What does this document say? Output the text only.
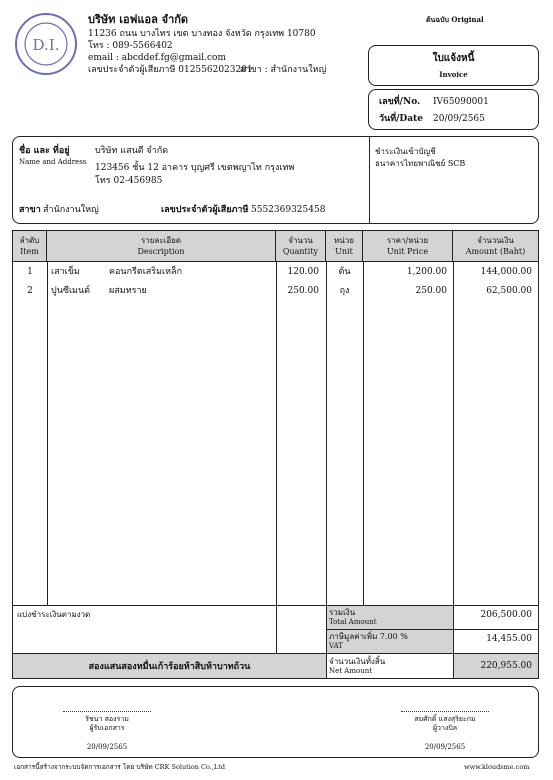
D.I.
บริษัท เอฟแอล จำกัด
11236 ถนน บางไทร เขต บางทอง จังหวัด กรุงเทพ 10780
โทร : 089-5566402
email : abcddef.fg@gmail.com
เลขประจำตัวผู้เสียภาษี 0125562023201
สาขา : สำนักงานใหญ่
ต้นฉบับ Original
ใบแจ้งหนี้
Invoice
เลขที่/No. IV65090001
วันที่/Date 20/09/2565
ชื่อ และ ที่อยู่
Name and Address
บริษัท แสนดี จำกัด
123456 ชั้น 12 อาคาร บุญศรี เขตพญาไท กรุงเทพ
โทร 02-456985
สาขา สำนักงานใหญ่	เลขประจำตัวผู้เสียภาษี 5552369325458
ชำระเงินเข้าบัญชี
ธนาคารไทยพาณิชย์ SCB
ลำดับ
Item
รายละเอียด
Description
จำนวน
Quantity
หน่วย
Unit
ราคา/หน่วย
Unit Price
จำนวนเงิน
Amount (Baht)
1	เสาเข็ม	คอนกรีตเสริมเหล็ก	120.00	ต้น	1,200.00	144,000.00
2	ปูนซีเมนต์ ผสมทราย	250.00	ถุง	250.00	62,500.00
แบ่งชำระเงินตามงวด	รวมเงิน
Total Amount
206,500.00
ภาษีมูลค่าเพิ่ม 7.00 %
VAT
14,455.00
สองแสนสองหมื่นเก้าร้อยห้าสิบห้าบาทถ้วน
จำนวนเงินทั้งสิ้น
Net Amount	220,955.00
รัชนา สองราม
ผู้รับเอกสาร
20/09/2565
สมศักดิ์ แสงสุริยะกม
ผู้วางบิล
20/09/2565
เอกสารนี้สร้างจากระบบจัดการเอกสาร โดย บริษัท CRK Solution Co.,Ltd	www.kloudsme.com
